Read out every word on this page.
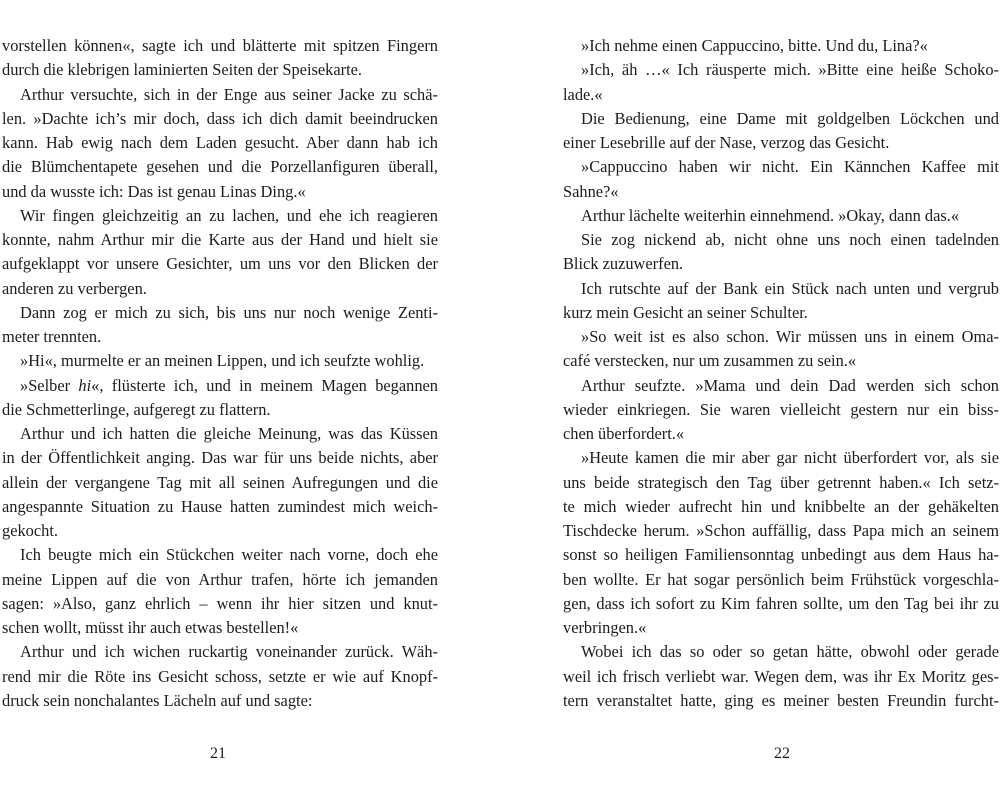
vorstellen können«, sagte ich und blätterte mit spitzen Fingern
durch die klebrigen laminierten Seiten der Speisekarte.
Arthur versuchte, sich in der Enge aus seiner Jacke zu schä-
len. »Dachte ich’s mir doch, dass ich dich damit beeindrucken
kann. Hab ewig nach dem Laden gesucht. Aber dann hab ich
die Blümchentapete gesehen und die Porzellanfiguren überall,
und da wusste ich: Das ist genau Linas Ding.«
Wir fingen gleichzeitig an zu lachen, und ehe ich reagieren
konnte, nahm Arthur mir die Karte aus der Hand und hielt sie
aufgeklappt vor unsere Gesichter, um uns vor den Blicken der
anderen zu verbergen.
Dann zog er mich zu sich, bis uns nur noch wenige Zenti-
meter trennten.
»Hi«, murmelte er an meinen Lippen, und ich seufzte wohlig.
»Selber hi«, flüsterte ich, und in meinem Magen begannen
die Schmetterlinge, aufgeregt zu flattern.
Arthur und ich hatten die gleiche Meinung, was das Küssen
in der Öffentlichkeit anging. Das war für uns beide nichts, aber
allein der vergangene Tag mit all seinen Aufregungen und die
angespannte Situation zu Hause hatten zumindest mich weich-
gekocht.
Ich beugte mich ein Stückchen weiter nach vorne, doch ehe
meine Lippen auf die von Arthur trafen, hörte ich jemanden
sagen: »Also, ganz ehrlich – wenn ihr hier sitzen und knut-
schen wollt, müsst ihr auch etwas bestellen!«
Arthur und ich wichen ruckartig voneinander zurück. Wäh-
rend mir die Röte ins Gesicht schoss, setzte er wie auf Knopf-
druck sein nonchalantes Lächeln auf und sagte:
21
»Ich nehme einen Cappuccino, bitte. Und du, Lina?«
»Ich, äh …« Ich räusperte mich. »Bitte eine heiße Schoko-
lade.«
Die Bedienung, eine Dame mit goldgelben Löckchen und
einer Lesebrille auf der Nase, verzog das Gesicht.
»Cappuccino haben wir nicht. Ein Kännchen Kaffee mit
Sahne?«
Arthur lächelte weiterhin einnehmend. »Okay, dann das.«
Sie zog nickend ab, nicht ohne uns noch einen tadelnden
Blick zuzuwerfen.
Ich rutschte auf der Bank ein Stück nach unten und vergrub
kurz mein Gesicht an seiner Schulter.
»So weit ist es also schon. Wir müssen uns in einem Oma-
café verstecken, nur um zusammen zu sein.«
Arthur seufzte. »Mama und dein Dad werden sich schon
wieder einkriegen. Sie waren vielleicht gestern nur ein biss-
chen überfordert.«
»Heute kamen die mir aber gar nicht überfordert vor, als sie
uns beide strategisch den Tag über getrennt haben.« Ich setz-
te mich wieder aufrecht hin und knibbelte an der gehäkelten
Tischdecke herum. »Schon auffällig, dass Papa mich an seinem
sonst so heiligen Familiensonntag unbedingt aus dem Haus ha-
ben wollte. Er hat sogar persönlich beim Frühstück vorgeschla-
gen, dass ich sofort zu Kim fahren sollte, um den Tag bei ihr zu
verbringen.«
Wobei ich das so oder so getan hätte, obwohl oder gerade
weil ich frisch verliebt war. Wegen dem, was ihr Ex Moritz ges-
tern veranstaltet hatte, ging es meiner besten Freundin furcht-
22
